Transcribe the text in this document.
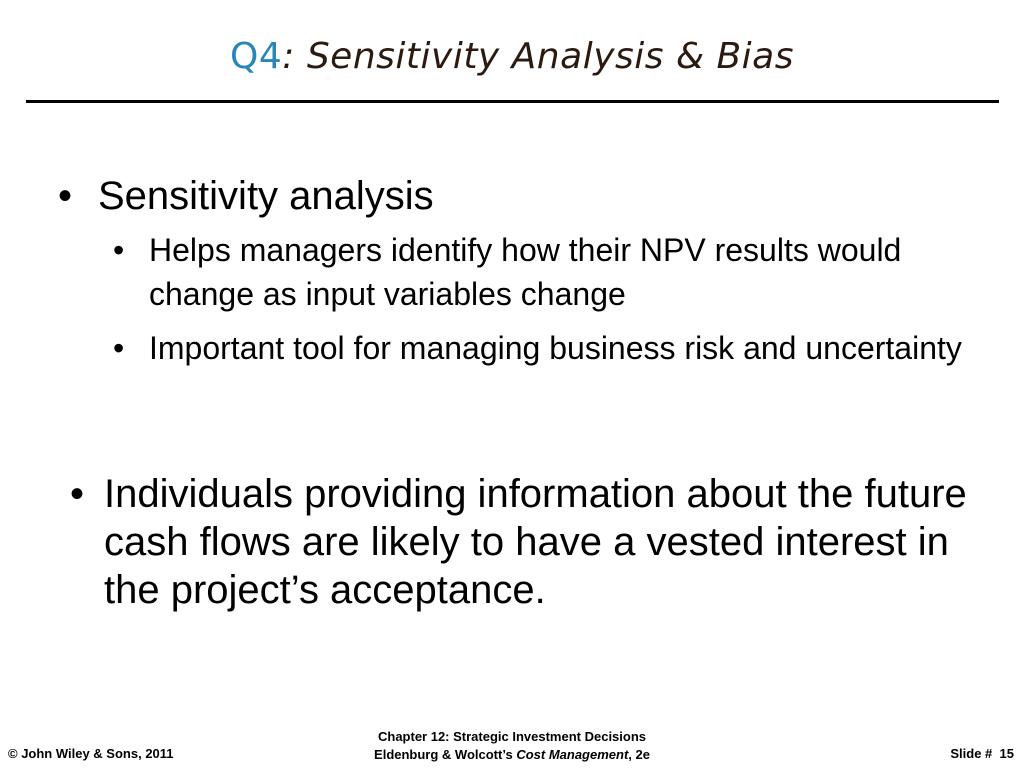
Q4: Sensitivity Analysis & Bias
• Sensitivity analysis
• Helps managers identify how their NPV results would change as input variables change
• Important tool for managing business risk and uncertainty
• Individuals providing information about the future cash flows are likely to have a vested interest in the project’s acceptance.
© John Wiley & Sons, 2011
Chapter 12: Strategic Investment Decisions
Eldenburg & Wolcott’s Cost Management, 2e	Slide # 15
